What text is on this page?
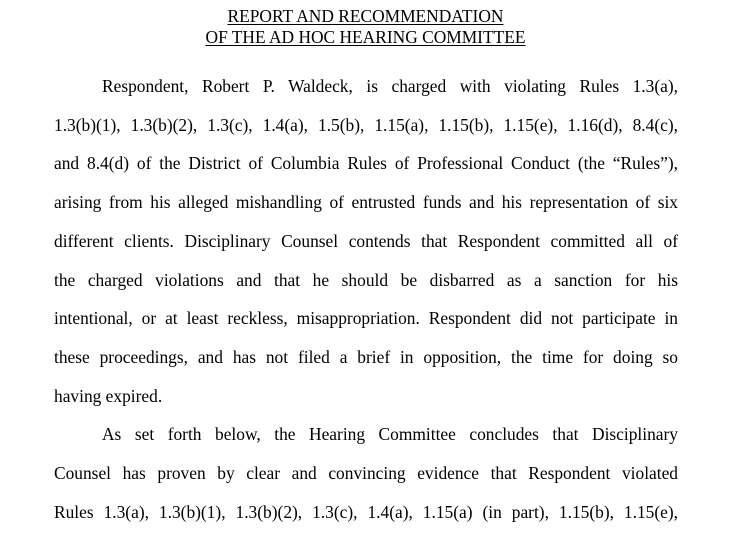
REPORT AND RECOMMENDATION
OF THE AD HOC HEARING COMMITTEE

Respondent, Robert P. Waldeck, is charged with violating Rules 1.3(a),

1.3(b)(1), 1.3(b)(2), 1.3(c), 1.4(a), 1.5(b), 1.15(a), 1.15(b), 1.15(e), 1.16(d), 8.4(c),

and 8.4(d) of the District of Columbia Rules of Professional Conduct (the “Rules”),

arising from his alleged mishandling of entrusted funds and his representation of six

different clients. Disciplinary Counsel contends that Respondent committed all of

the charged violations and that he should be disbarred as a sanction for his

intentional, or at least reckless, misappropriation. Respondent did not participate in

these proceedings, and has not filed a brief in opposition, the time for doing so

having expired.

As set forth below, the Hearing Committee concludes that Disciplinary

Counsel has proven by clear and convincing evidence that Respondent violated

Rules 1.3(a), 1.3(b)(1), 1.3(b)(2), 1.3(c), 1.4(a), 1.15(a) (in part), 1.15(b), 1.15(e),
